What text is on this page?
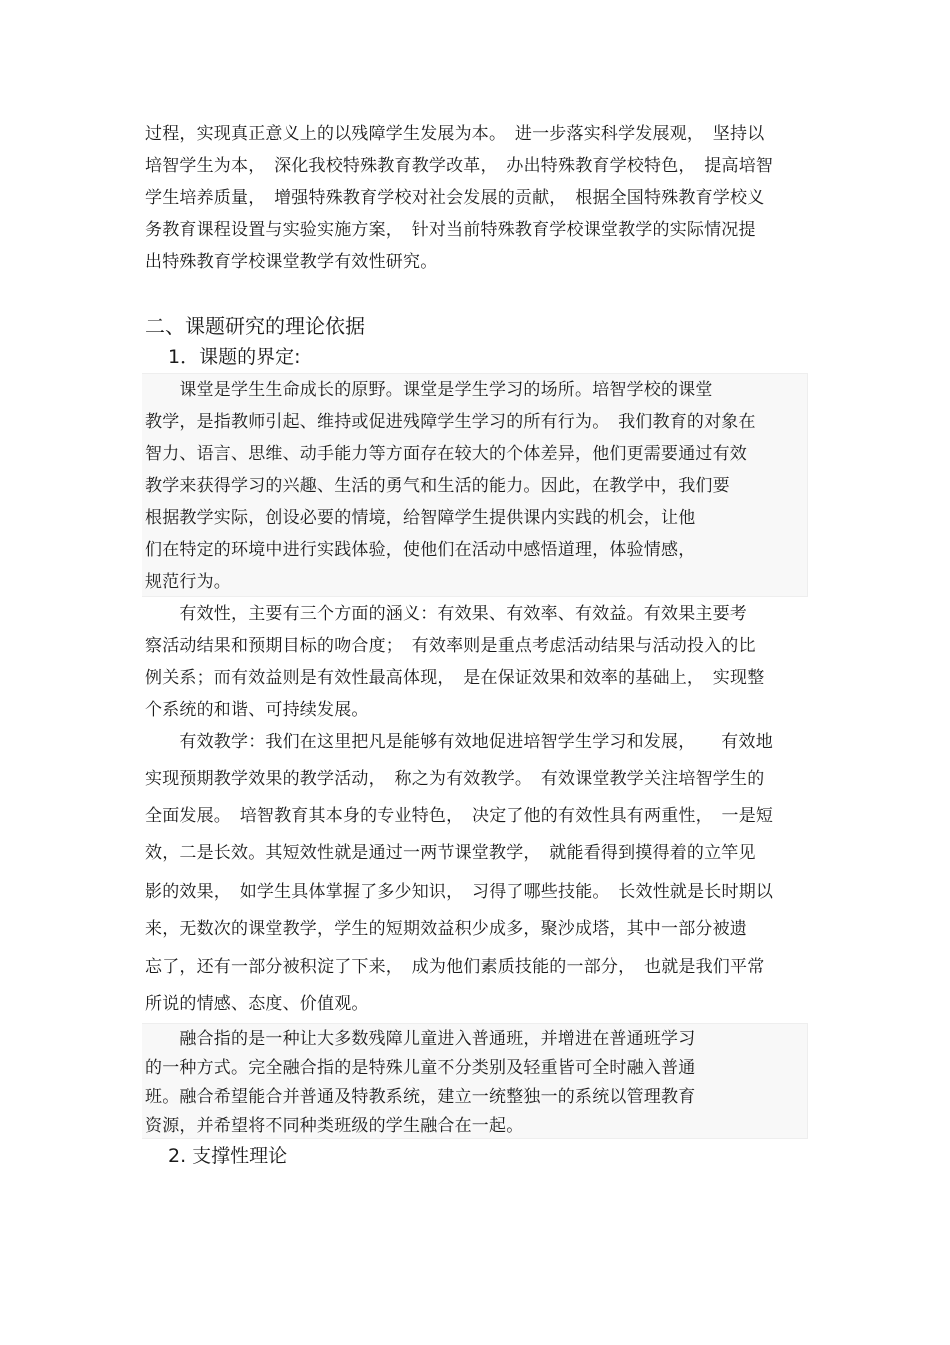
过程，实现真正意义上的以残障学生发展为本。　进一步落实科学发展观，　坚持以
培智学生为本，　深化我校特殊教育教学改革，　办出特殊教育学校特色，　提高培智
学生培养质量，　增强特殊教育学校对社会发展的贡献，　根据全国特殊教育学校义
务教育课程设置与实验实施方案，　针对当前特殊教育学校课堂教学的实际情况提
出特殊教育学校课堂教学有效性研究。
二、课题研究的理论依据
1．课题的界定:
　　课堂是学生生命成长的原野。课堂是学生学习的场所。培智学校的课堂
教学，是指教师引起、维持或促进残障学生学习的所有行为。　我们教育的对象在
智力、语言、思维、动手能力等方面存在较大的个体差异，他们更需要通过有效
教学来获得学习的兴趣、生活的勇气和生活的能力。因此，在教学中，我们要
根据教学实际，创设必要的情境，给智障学生提供课内实践的机会，让他
们在特定的环境中进行实践体验，使他们在活动中感悟道理，体验情感，
规范行为。
　　有效性，主要有三个方面的涵义：有效果、有效率、有效益。有效果主要考
察活动结果和预期目标的吻合度；　有效率则是重点考虑活动结果与活动投入的比
例关系；而有效益则是有效性最高体现，　是在保证效果和效率的基础上，　实现整
个系统的和谐、可持续发展。
　　有效教学：我们在这里把凡是能够有效地促进培智学生学习和发展，　　有效地
实现预期教学效果的教学活动，　称之为有效教学。　有效课堂教学关注培智学生的
全面发展。　培智教育其本身的专业特色，　决定了他的有效性具有两重性，　一是短
效，二是长效。其短效性就是通过一两节课堂教学，　就能看得到摸得着的立竿见
影的效果，　如学生具体掌握了多少知识，　习得了哪些技能。　长效性就是长时期以
来，无数次的课堂教学，学生的短期效益积少成多，聚沙成塔，其中一部分被遗
忘了，还有一部分被积淀了下来，　成为他们素质技能的一部分，　也就是我们平常
所说的情感、态度、价值观。
　　融合指的是一种让大多数残障儿童进入普通班，并增进在普通班学习
的一种方式。完全融合指的是特殊儿童不分类别及轻重皆可全时融入普通
班。融合希望能合并普通及特教系统，建立一统整独一的系统以管理教育
资源，并希望将不同种类班级的学生融合在一起。
2. 支撑性理论
